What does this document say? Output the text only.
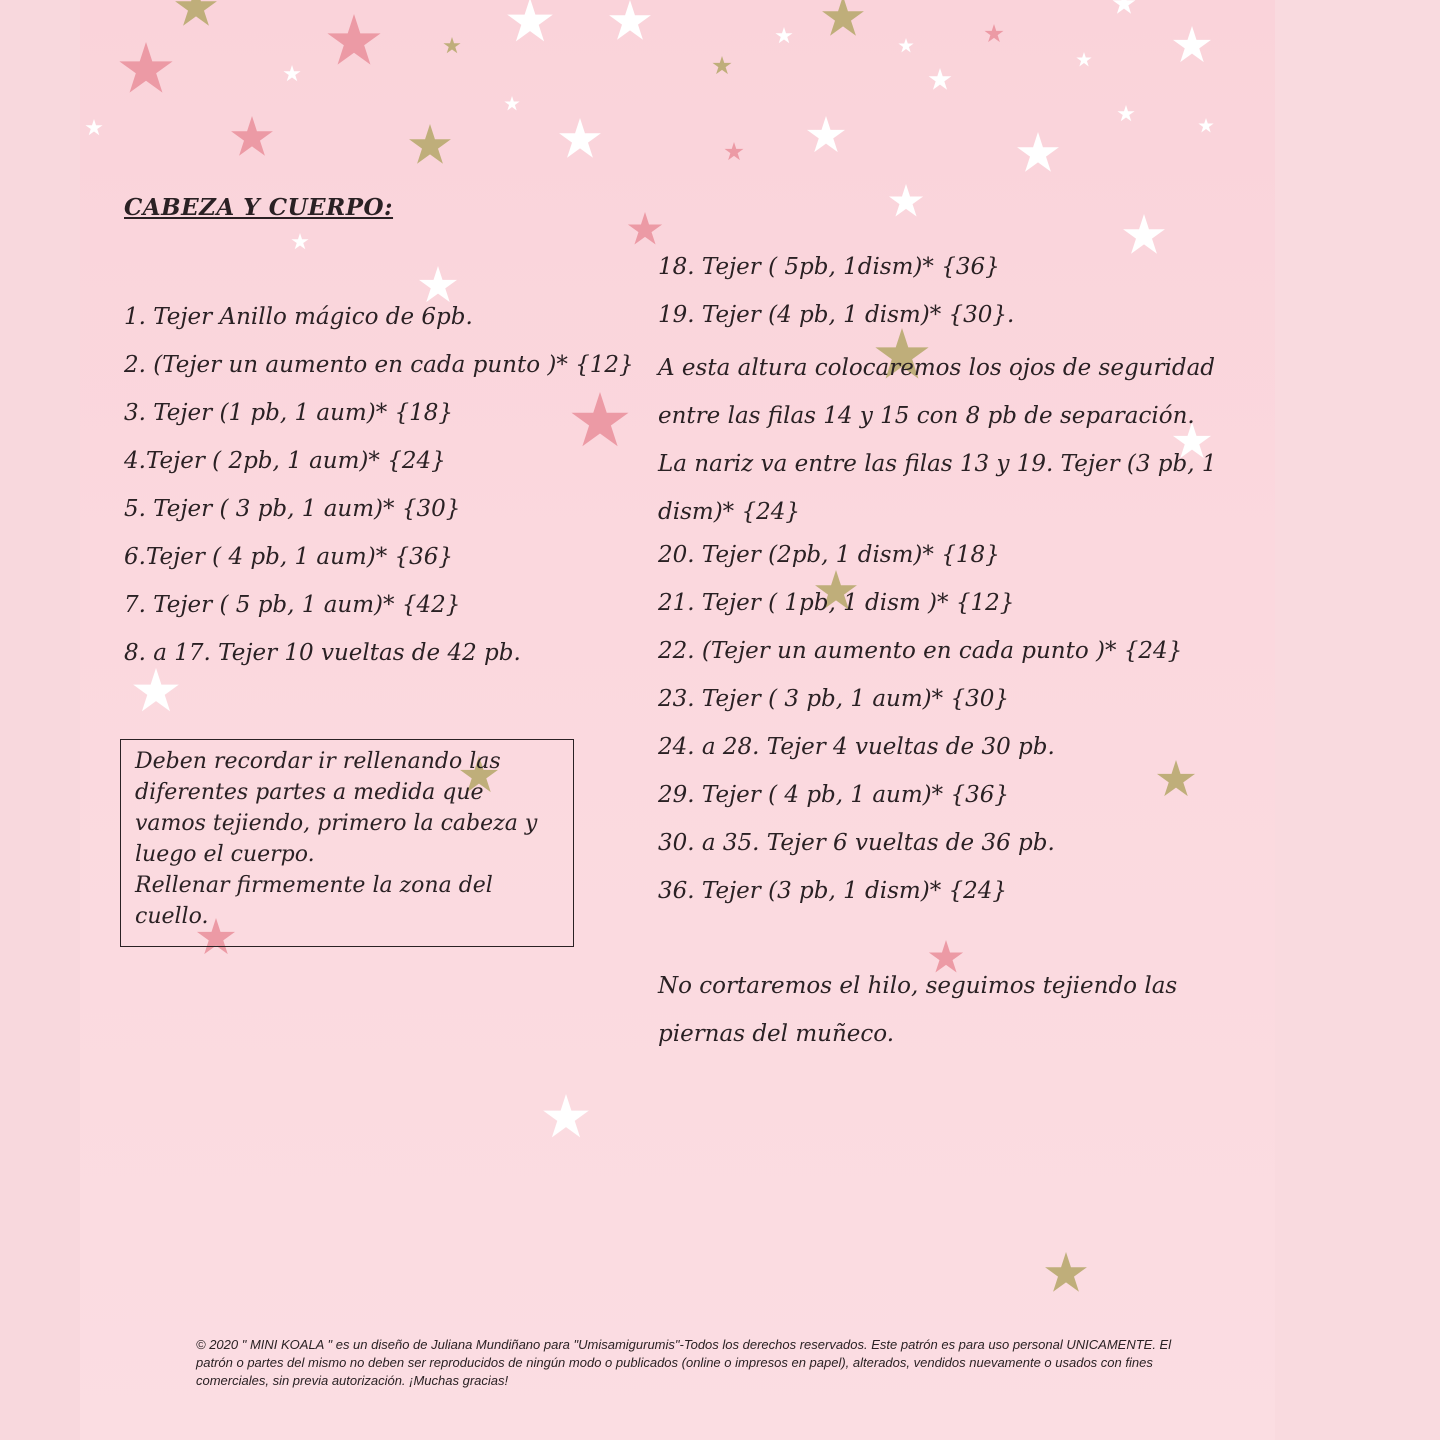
CABEZA Y CUERPO:
1. Tejer Anillo mágico de 6pb.
2. (Tejer un aumento en cada punto )* {12}
3. Tejer (1 pb, 1 aum)* {18}
4.Tejer ( 2pb, 1 aum)* {24}
5. Tejer ( 3 pb, 1 aum)* {30}
6.Tejer ( 4 pb, 1 aum)* {36}
7. Tejer ( 5 pb, 1 aum)* {42}
8. a 17. Tejer 10 vueltas de 42 pb.
Deben recordar ir rellenando las diferentes partes a medida que vamos tejiendo, primero la cabeza y luego el cuerpo.
Rellenar firmemente la zona del cuello.
18. Tejer ( 5pb, 1dism)* {36}
19. Tejer (4 pb, 1 dism)* {30}.
A esta altura colocaremos los ojos de seguridad entre las filas 14 y 15 con 8 pb de separación. La nariz va entre las filas 13 y 19. Tejer (3 pb, 1 dism)* {24}
20. Tejer (2pb, 1 dism)* {18}
21. Tejer ( 1pb, 1 dism )* {12}
22. (Tejer un aumento en cada punto )* {24}
23. Tejer ( 3 pb, 1 aum)* {30}
24. a 28. Tejer 4 vueltas de 30 pb.
29. Tejer ( 4 pb, 1 aum)* {36}
30. a 35. Tejer 6 vueltas de 36 pb.
36. Tejer (3 pb, 1 dism)* {24}
No cortaremos el hilo, seguimos tejiendo las piernas del muñeco.
© 2020 " MINI KOALA " es un diseño de Juliana Mundiñano para "Umisamigurumis"-Todos los derechos reservados. Este patrón es para uso personal UNICAMENTE. El patrón o partes del mismo no deben ser reproducidos de ningún modo o publicados (online o impresos en papel), alterados, vendidos nuevamente o usados con fines comerciales, sin previa autorización. ¡Muchas gracias!
